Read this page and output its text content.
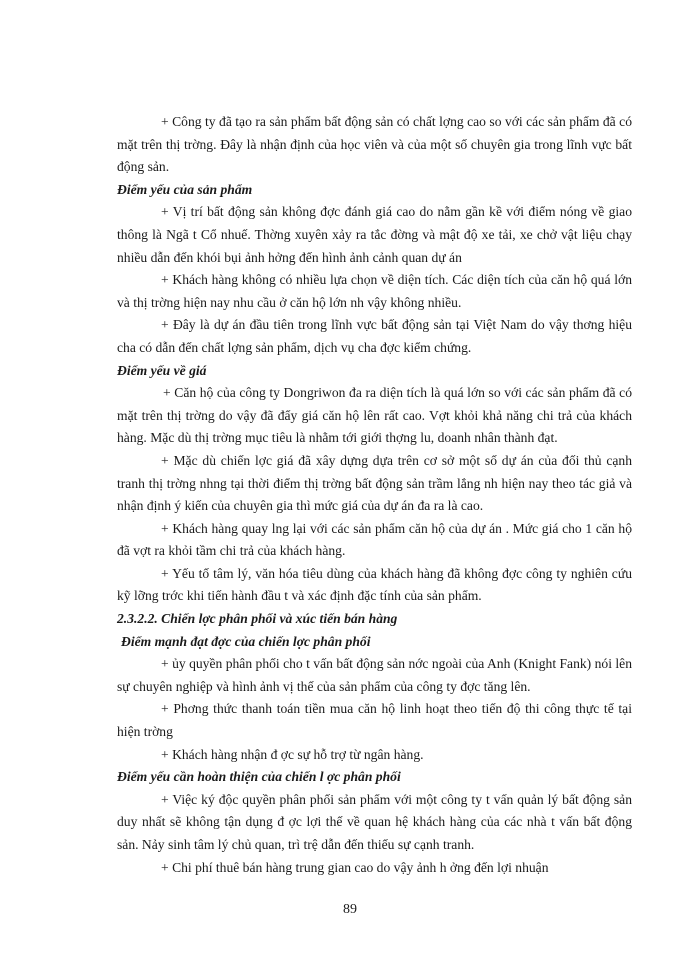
+ Công ty đã tạo ra sản phẩm bất động sản có chất lợng cao so với các sản phẩm đã có mặt trên thị trờng. Đây là nhận định của học viên và của một số chuyên gia trong lĩnh vực bất động sản.

Điểm yếu của sản phẩm

+ Vị trí bất động sản không đợc đánh giá cao do nằm gần kề với điểm nóng về giao thông là Ngã t Cổ nhuế. Thờng xuyên xảy ra tắc đờng và mật độ xe tải, xe chở vật liệu chạy nhiều dẫn đến khói bụi ảnh hởng đến hình ảnh cảnh quan dự án

+ Khách hàng không có nhiều lựa chọn về diện tích. Các diện tích của căn hộ quá lớn và thị trờng hiện nay nhu cầu ở căn hộ lớn nh vậy không nhiều.

+ Đây là dự án đầu tiên trong lĩnh vực bất động sản tại Việt Nam do vậy thơng hiệu cha có dẫn đến chất lợng sản phẩm, dịch vụ cha đợc kiểm chứng.

Điểm yếu về giá

+ Căn hộ của công ty Dongriwon đa ra diện tích là quá lớn so với các sản phẩm đã có mặt trên thị trờng do vậy đã đẩy giá căn hộ lên rất cao. Vợt khỏi khả năng chi trả của khách hàng. Mặc dù thị trờng mục tiêu là nhằm tới giới thợng lu, doanh nhân thành đạt.

+ Mặc dù chiến lợc giá đã xây dựng dựa trên cơ sở một số dự án của đối thủ cạnh tranh thị trờng nhng tại thời điểm thị trờng bất động sản trầm lắng nh hiện nay theo tác giả và nhận định ý kiến của chuyên gia thì mức giá của dự án đa ra là cao.

+ Khách hàng quay lng lại với các sản phẩm căn hộ của dự án . Mức giá cho 1 căn hộ đã vợt ra khỏi tầm chi trả của khách hàng.

+ Yếu tố tâm lý, văn hóa tiêu dùng của khách hàng đã không đợc công ty nghiên cứu kỹ lỡng trớc khi tiến hành đầu t và xác định đặc tính của sản phẩm.

2.3.2.2. Chiến lợc phân phối và xúc tiến bán hàng

Điểm mạnh đạt đợc của chiến lợc phân phối

+ ủy quyền phân phối cho t vấn bất động sản nớc ngoài của Anh (Knight Fank) nói lên sự chuyên nghiệp và hình ảnh vị thế của sản phẩm của công ty đợc tăng lên.

+ Phơng thức thanh toán tiền mua căn hộ linh hoạt theo tiến độ thi công thực tế tại hiện trờng

+ Khách hàng nhận đ ợc sự hỗ trợ từ ngân hàng.

Điểm yếu cần hoàn thiện của chiến l ợc phân phối

+ Việc ký độc quyền phân phối sản phẩm với một công ty t vấn quản lý bất động sản duy nhất sẽ không tận dụng đ ợc lợi thế về quan hệ khách hàng của các nhà t vấn bất động sản. Nảy sinh tâm lý chủ quan, trì trệ dẫn đến thiếu sự cạnh tranh.

+ Chi phí thuê bán hàng trung gian cao do vậy ảnh h ởng đến lợi nhuận

89
